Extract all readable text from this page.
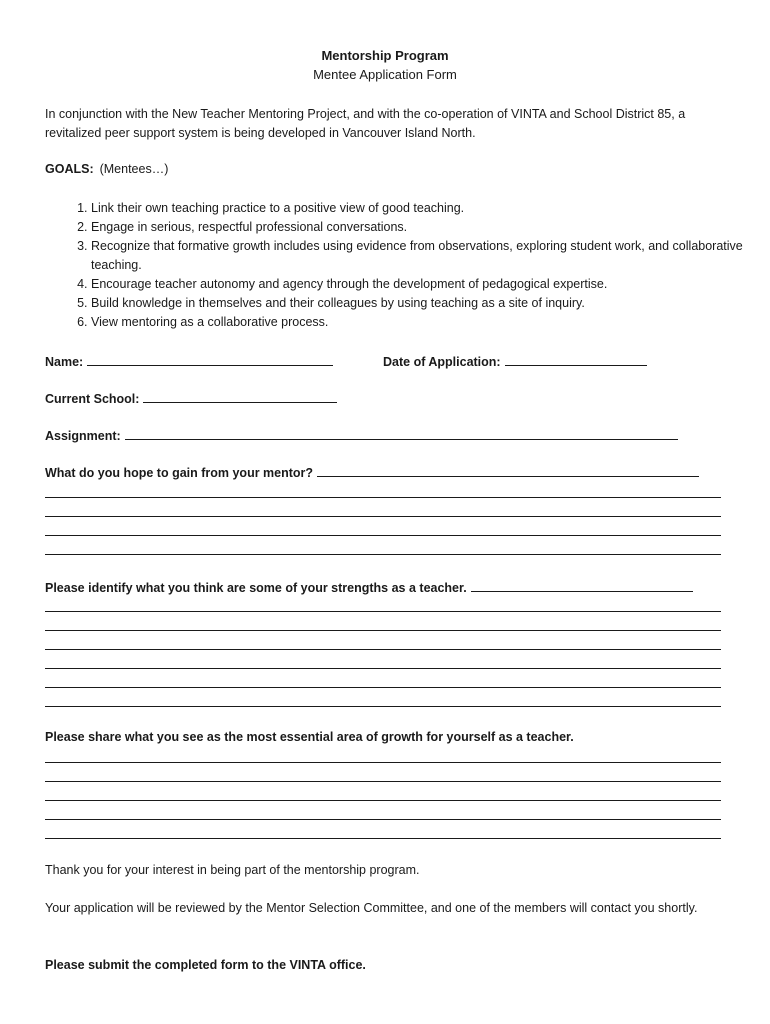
Mentorship Program
Mentee Application Form
In conjunction with the New Teacher Mentoring Project, and with the co-operation of VINTA and School District 85, a revitalized peer support system is being developed in Vancouver Island North.
GOALS: (Mentees…)
1. Link their own teaching practice to a positive view of good teaching.
2. Engage in serious, respectful professional conversations.
3. Recognize that formative growth includes using evidence from observations, exploring student work, and collaborative teaching.
4. Encourage teacher autonomy and agency through the development of pedagogical expertise.
5. Build knowledge in themselves and their colleagues by using teaching as a site of inquiry.
6. View mentoring as a collaborative process.
Name:	Date of Application:
Current School:
Assignment:
What do you hope to gain from your mentor?
Please identify what you think are some of your strengths as a teacher.
Please share what you see as the most essential area of growth for yourself as a teacher.
Thank you for your interest in being part of the mentorship program.
Your application will be reviewed by the Mentor Selection Committee, and one of the members will contact you shortly.
Please submit the completed form to the VINTA office.
